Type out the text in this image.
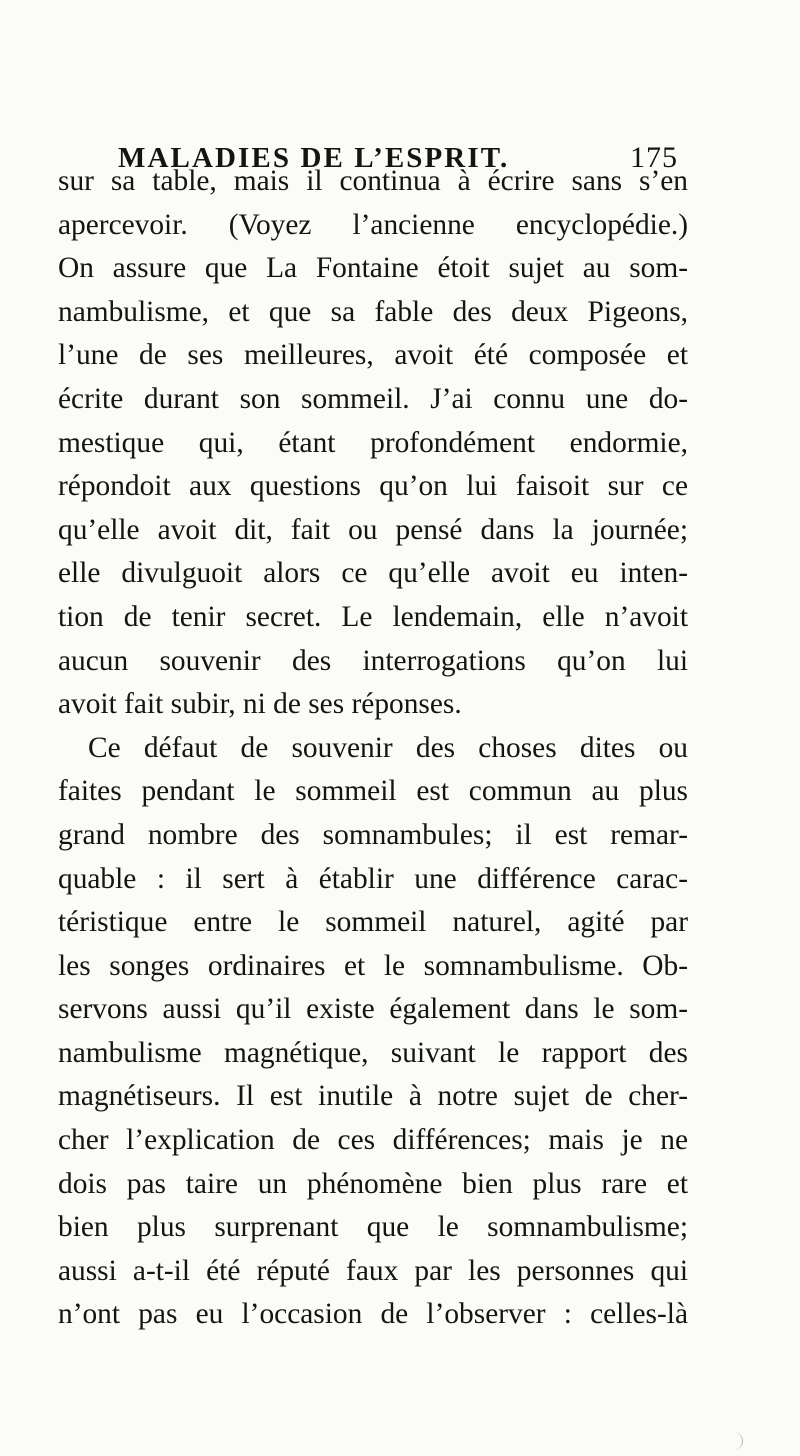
MALADIES DE L’ESPRIT.	175
sur sa table, mais il continua à écrire sans s’en
apercevoir. (Voyez l’ancienne encyclopédie.)
On assure que La Fontaine étoit sujet au som-
nambulisme, et que sa fable des deux Pigeons,
l’une de ses meilleures, avoit été composée et
écrite durant son sommeil. J’ai connu une do-
mestique qui, étant profondément endormie,
répondoit aux questions qu’on lui faisoit sur ce
qu’elle avoit dit, fait ou pensé dans la journée;
elle divulguoit alors ce qu’elle avoit eu inten-
tion de tenir secret. Le lendemain, elle n’avoit
aucun souvenir des interrogations qu’on lui
avoit fait subir, ni de ses réponses.
Ce défaut de souvenir des choses dites ou
faites pendant le sommeil est commun au plus
grand nombre des somnambules; il est remar-
quable : il sert à établir une différence carac-
téristique entre le sommeil naturel, agité par
les songes ordinaires et le somnambulisme. Ob-
servons aussi qu’il existe également dans le som-
nambulisme magnétique, suivant le rapport des
magnétiseurs. Il est inutile à notre sujet de cher-
cher l’explication de ces différences; mais je ne
dois pas taire un phénomène bien plus rare et
bien plus surprenant que le somnambulisme;
aussi a-t-il été réputé faux par les personnes qui
n’ont pas eu l’occasion de l’observer : celles-là
